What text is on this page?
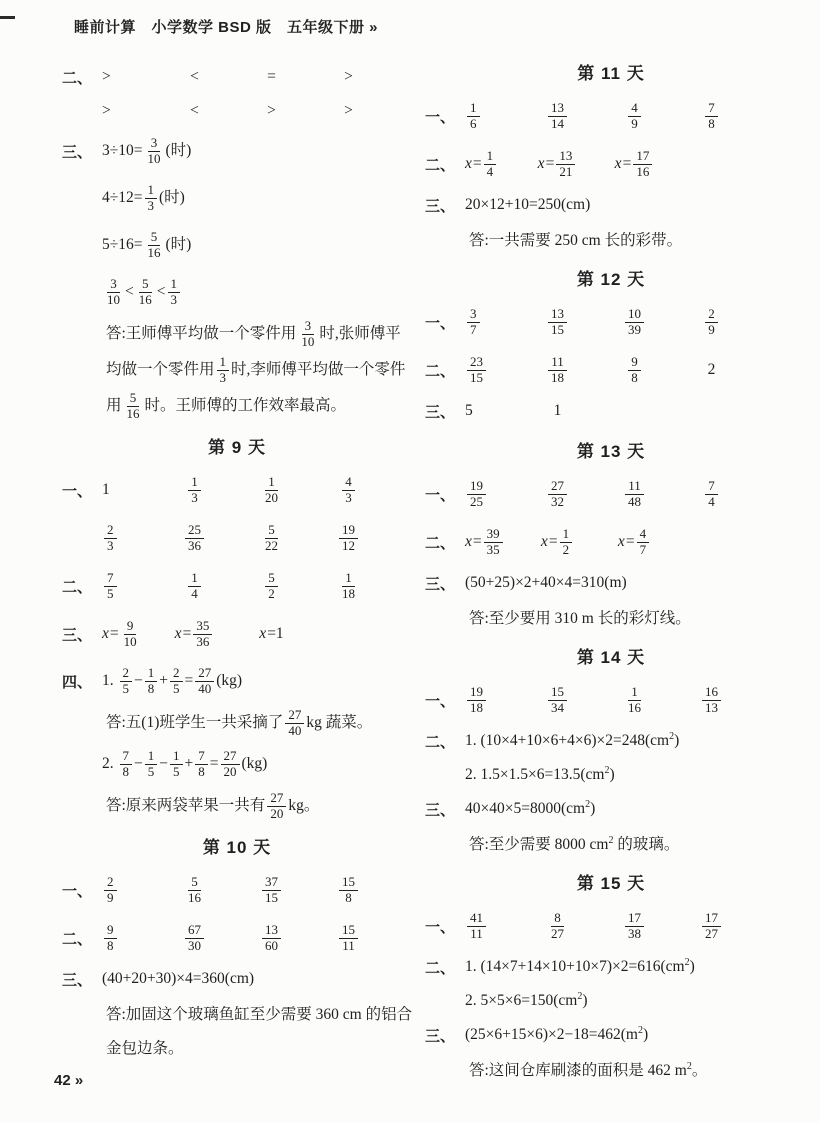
睡前计算　小学数学 BSD 版　五年级下册 »
二、 >	<	=	>
>	<	>	>
三、 $3\div 10= \frac{3}{10}$ (时)
$4\div 12= \frac{1}{3}$ (时)
$5\div 16= \frac{5}{16}$ (时)
$\frac{3}{10} < \frac{5}{16} < \frac{1}{3}$
答:王师傅平均做一个零件用 $\frac{3}{10}$ 时,张师傅平
均做一个零件用 $\frac{1}{3}$ 时,李师傅平均做一个零件
用 $\frac{5}{16}$ 时。王师傅的工作效率最高。
第 9 天
一、 1	$\frac{1}{3}$	$\frac{1}{20}$	$\frac{4}{3}$
$\frac{2}{3}$	$\frac{25}{36}$	$\frac{5}{22}$	$\frac{19}{12}$
二、 $\frac{7}{5}$	$\frac{1}{4}$	$\frac{5}{2}$	$\frac{1}{18}$
三、 $x = \frac{9}{10}$ $x = \frac{35}{36}$	x =1
四、 1. $\frac{2}{5} - \frac{1}{8} + \frac{2}{5} = \frac{27}{40} (kg)$
答:五(1)班学生一共采摘了 $\frac{27}{40}$ kg 蔬菜。
2. $\frac{7}{8} - \frac{1}{5} - \frac{1}{5} + \frac{7}{8} = \frac{27}{20} (kg)$
答:原来两袋苹果一共有 $\frac{27}{20}$ kg。
第 10 天
一、 $\frac{2}{9}$	$\frac{5}{16}$	$\frac{37}{15}$	$\frac{15}{8}$
二、 $\frac{9}{8}$	$\frac{67}{30}$	$\frac{13}{60}$	$\frac{15}{11}$
三、 (40+20+30)×4=360(cm)
答:加固这个玻璃鱼缸至少需要 360 cm 的铝合
金包边条。
第 11 天
一、 $\frac{1}{6}$	$\frac{13}{14}$	$\frac{4}{9}$	$\frac{7}{8}$
二、 $x = \frac{1}{4}$	$x = \frac{13}{21}$	$x = \frac{17}{16}$
三、 20×12+10=250(cm)
答:一共需要 250 cm 长的彩带。
第 12 天
一、 $\frac{3}{7}$	$\frac{13}{15}$	$\frac{10}{39}$	$\frac{2}{9}$
二、 $\frac{23}{15}$	$\frac{11}{18}$	$\frac{9}{8}$	2
三、 5	1
第 13 天
一、 $\frac{19}{25}$	$\frac{27}{32}$	$\frac{11}{48}$	$\frac{7}{4}$
二、 $x = \frac{39}{35}$ $x = \frac{1}{2}$	$x = \frac{4}{7}$
三、 (50+25)×2+40×4=310(m)
答:至少要用 310 m 长的彩灯线。
第 14 天
一、 $\frac{19}{18}$	$\frac{15}{34}$	$\frac{1}{16}$	$\frac{16}{13}$
二、 1. $(10\times 4+10\times 6+4\times 6)\times 2=248(cm^2)$
2. $1.5\times 1.5\times 6=13.5(cm^2)$
三、 $40\times 40\times 5=8000(cm^2)$
答:至少需要 8000 $cm^2$ 的玻璃。
第 15 天
一、 $\frac{41}{11}$	$\frac{8}{27}$	$\frac{17}{38}$	$\frac{17}{27}$
二、 1. $(14\times 7+14\times 10+10\times 7)\times 2=616(cm^2)$
2. $5\times 5\times 6=150(cm^2)$
三、 $(25\times 6+15\times 6)\times 2-18=462(m^2)$
答:这间仓库刷漆的面积是 462 $m^2$。
42 »
